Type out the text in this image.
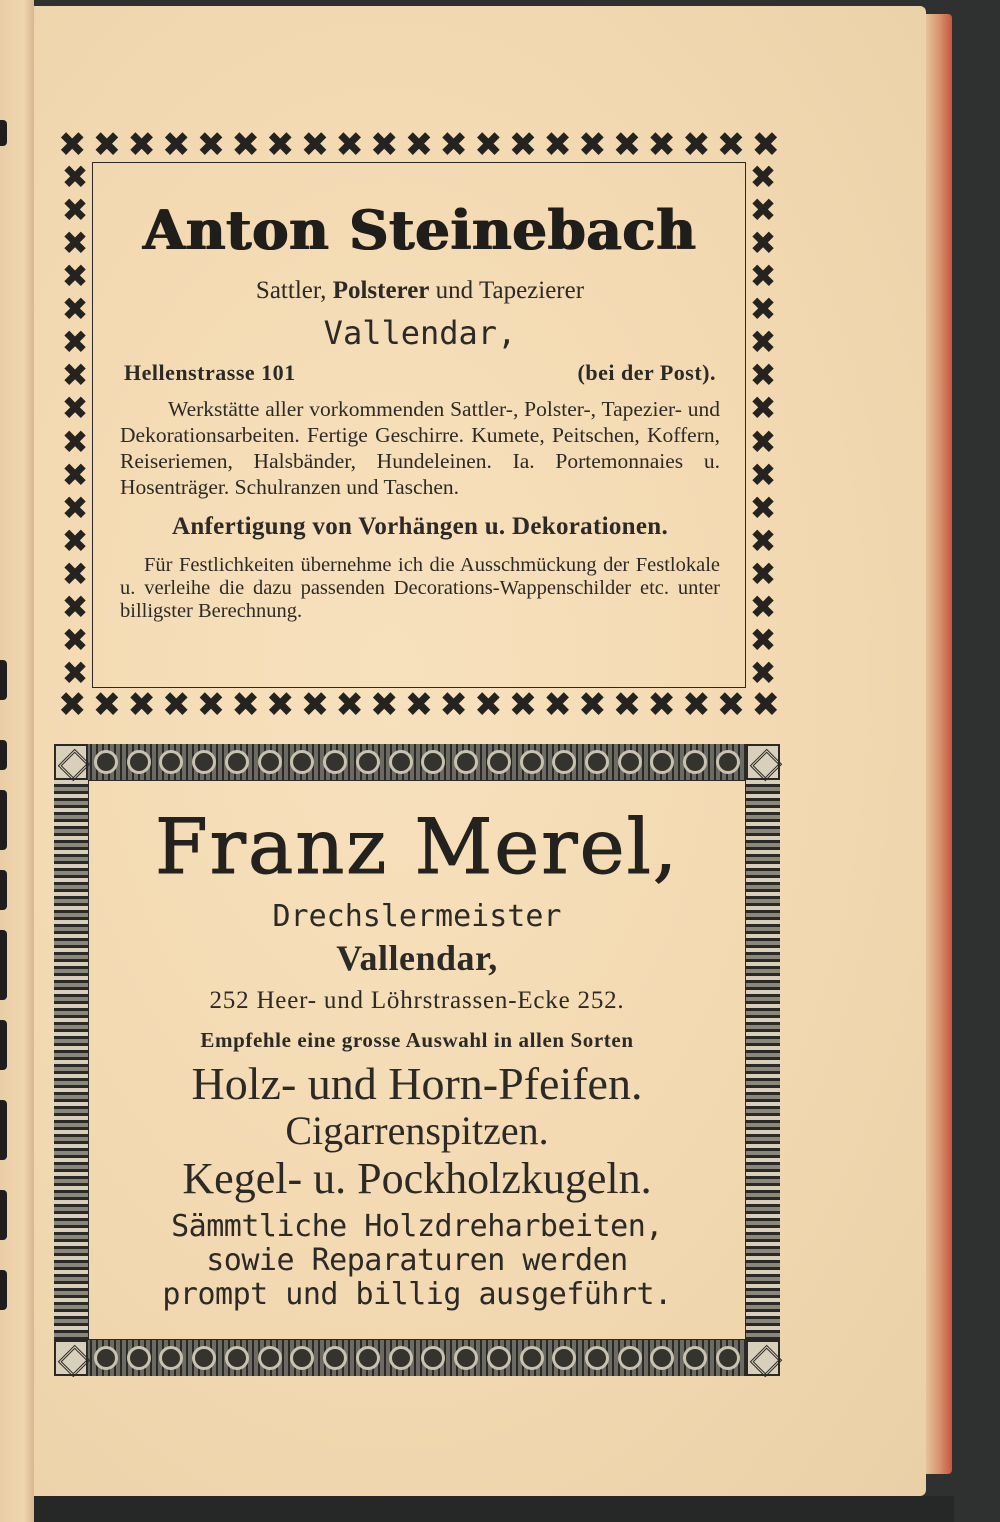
✖ ✖ ✖ ✖ ✖ ✖ ✖ ✖ ✖ ✖ ✖ ✖ ✖ ✖ ✖ ✖ ✖ ✖ ✖ ✖ ✖
✖
✖
✖
✖
✖
✖
✖
✖
✖
✖
✖
✖
✖
✖
✖
✖
✖
✖
✖
✖
✖
✖
✖
✖
✖
✖
✖
✖
✖
✖
✖
✖
✖ ✖ ✖ ✖ ✖ ✖ ✖ ✖ ✖ ✖ ✖ ✖ ✖ ✖ ✖ ✖ ✖ ✖ ✖ ✖ ✖
Anton Steinebach
Sattler, Polsterer und Tapezierer
Vallendar,
Hellenstrasse 101	(bei der Post).
Werkstätte aller vorkommenden Sattler-, Polster-, Tapezier- und Dekorationsarbeiten. Fertige Geschirre. Kumete, Peitschen, Koffern, Reiseriemen, Halsbänder, Hundeleinen. Ia. Portemonnaies u. Hosenträger. Schulranzen und Taschen.
Anfertigung von Vorhängen u. Dekorationen.
Für Festlichkeiten übernehme ich die Ausschmückung der Festlokale u. verleihe die dazu passenden Decorations-Wappenschilder etc. unter billigster Berechnung.
Franz Merel,
Drechslermeister
Vallendar,
252 Heer- und Löhrstrassen-Ecke 252.
Empfehle eine grosse Auswahl in allen Sorten
Holz- und Horn-Pfeifen.
Cigarrenspitzen.
Kegel- u. Pockholzkugeln.
Sämmtliche Holzdreharbeiten,
sowie Reparaturen werden
prompt und billig ausgeführt.
